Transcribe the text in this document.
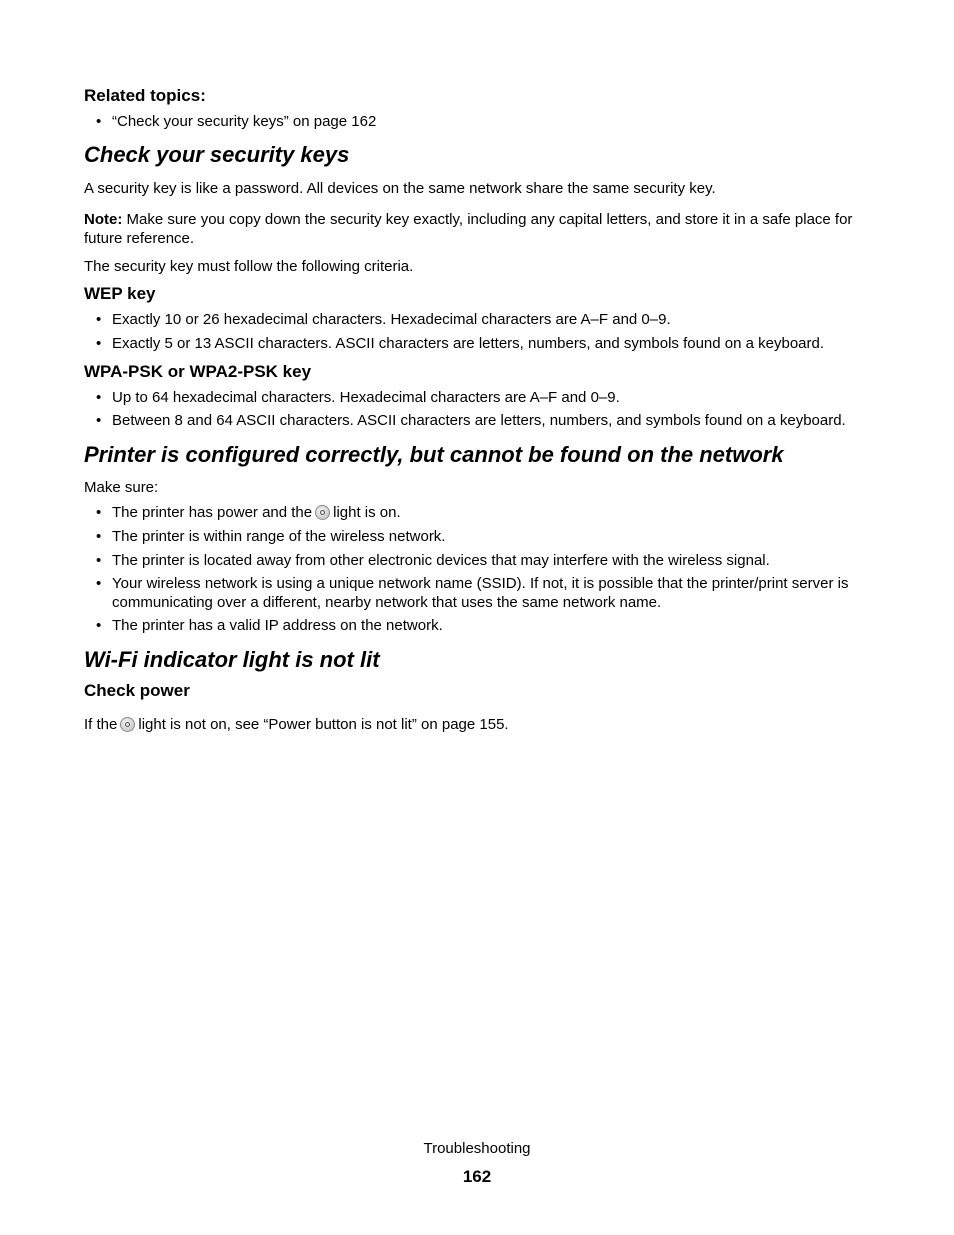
Related topics:
• “Check your security keys” on page 162
Check your security keys
A security key is like a password. All devices on the same network share the same security key.
Note: Make sure you copy down the security key exactly, including any capital letters, and store it in a safe place for future reference.
The security key must follow the following criteria.
WEP key
• Exactly 10 or 26 hexadecimal characters. Hexadecimal characters are A–F and 0–9.
• Exactly 5 or 13 ASCII characters. ASCII characters are letters, numbers, and symbols found on a keyboard.
WPA-PSK or WPA2-PSK key
• Up to 64 hexadecimal characters. Hexadecimal characters are A–F and 0–9.
• Between 8 and 64 ASCII characters. ASCII characters are letters, numbers, and symbols found on a keyboard.
Printer is configured correctly, but cannot be found on the network
Make sure:
• The printer has power and the light is on.
• The printer is within range of the wireless network.
• The printer is located away from other electronic devices that may interfere with the wireless signal.
• Your wireless network is using a unique network name (SSID). If not, it is possible that the printer/print server is communicating over a different, nearby network that uses the same network name.
• The printer has a valid IP address on the network.
Wi-Fi indicator light is not lit
Check power
If the light is not on, see “Power button is not lit” on page 155.
Troubleshooting
162
